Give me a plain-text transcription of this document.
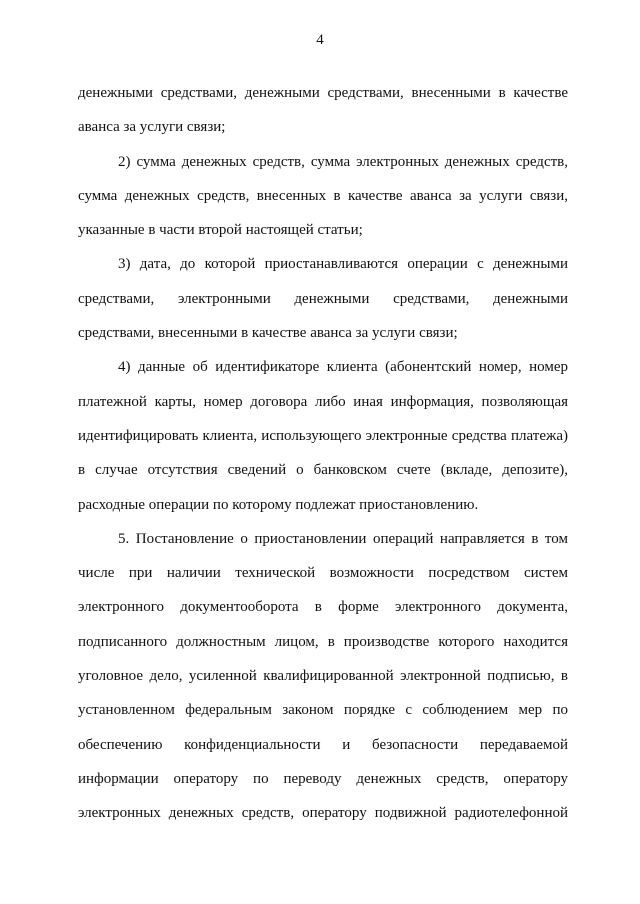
4

денежными средствами, денежными средствами, внесенными в качестве аванса за услуги связи;

2) сумма денежных средств, сумма электронных денежных средств, сумма денежных средств, внесенных в качестве аванса за услуги связи, указанные в части второй настоящей статьи;

3) дата, до которой приостанавливаются операции с денежными средствами, электронными денежными средствами, денежными средствами, внесенными в качестве аванса за услуги связи;

4) данные об идентификаторе клиента (абонентский номер, номер платежной карты, номер договора либо иная информация, позволяющая идентифицировать клиента, использующего электронные средства платежа) в случае отсутствия сведений о банковском счете (вкладе, депозите), расходные операции по которому подлежат приостановлению.

5. Постановление о приостановлении операций направляется в том числе при наличии технической возможности посредством систем электронного документооборота в форме электронного документа, подписанного должностным лицом, в производстве которого находится уголовное дело, усиленной квалифицированной электронной подписью, в установленном федеральным законом порядке с соблюдением мер по обеспечению конфиденциальности и безопасности передаваемой информации оператору по переводу денежных средств, оператору электронных денежных средств, оператору подвижной радиотелефонной
